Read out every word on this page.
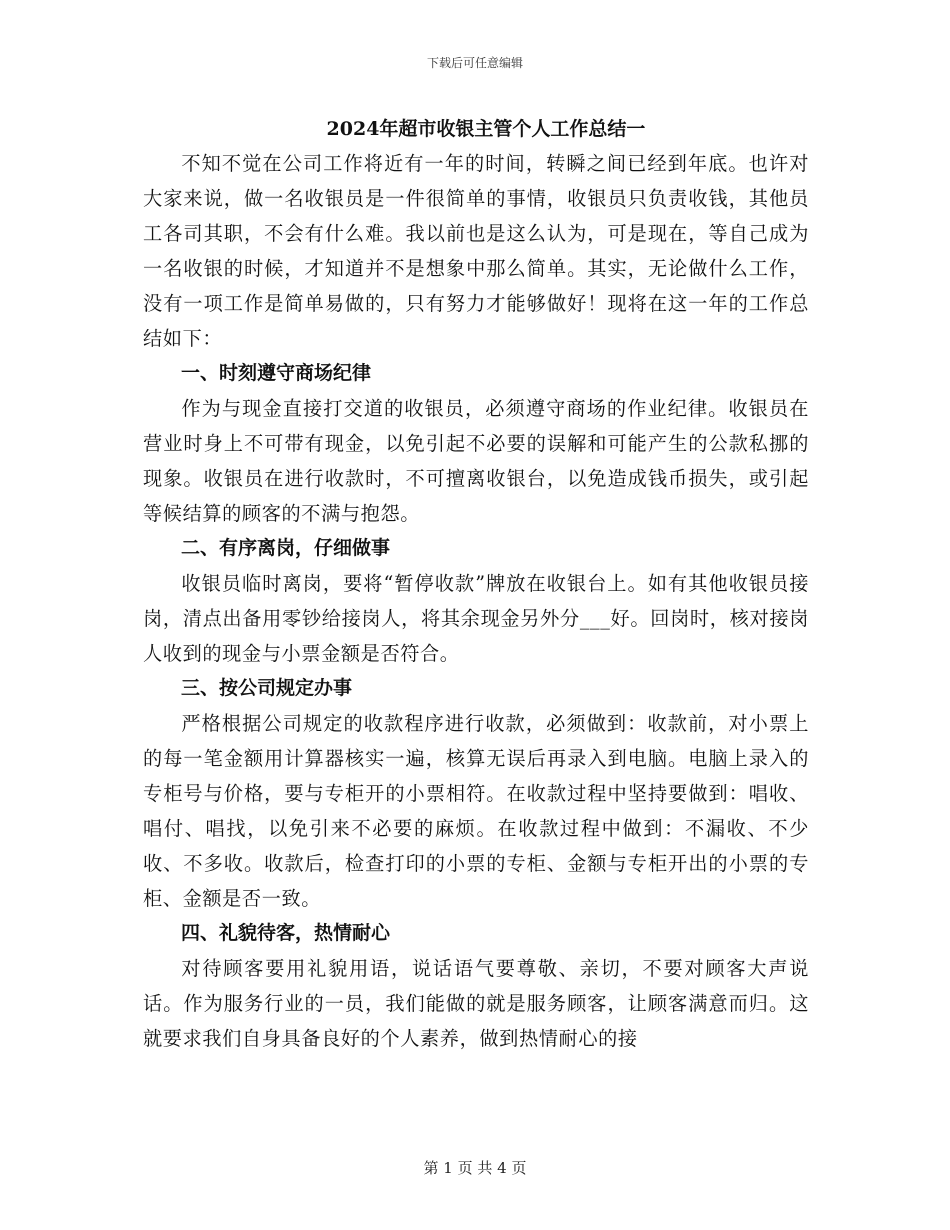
下载后可任意编辑
2024年超市收银主管个人工作总结一

不知不觉在公司工作将近有一年的时间，转瞬之间已经到年底。也许对大家来说，做一名收银员是一件很简单的事情，收银员只负责收钱，其他员工各司其职，不会有什么难。我以前也是这么认为，可是现在，等自己成为一名收银的时候，才知道并不是想象中那么简单。其实，无论做什么工作，没有一项工作是简单易做的，只有努力才能够做好！现将在这一年的工作总结如下：

一、时刻遵守商场纪律

作为与现金直接打交道的收银员，必须遵守商场的作业纪律。收银员在营业时身上不可带有现金，以免引起不必要的误解和可能产生的公款私挪的现象。收银员在进行收款时，不可擅离收银台，以免造成钱币损失，或引起等候结算的顾客的不满与抱怨。

二、有序离岗，仔细做事

收银员临时离岗，要将“暂停收款”牌放在收银台上。如有其他收银员接岗，清点出备用零钞给接岗人，将其余现金另外分___好。回岗时，核对接岗人收到的现金与小票金额是否符合。

三、按公司规定办事

严格根据公司规定的收款程序进行收款，必须做到：收款前，对小票上的每一笔金额用计算器核实一遍，核算无误后再录入到电脑。电脑上录入的专柜号与价格，要与专柜开的小票相符。在收款过程中坚持要做到：唱收、唱付、唱找，以免引来不必要的麻烦。在收款过程中做到：不漏收、不少收、不多收。收款后，检查打印的小票的专柜、金额与专柜开出的小票的专柜、金额是否一致。

四、礼貌待客，热情耐心

对待顾客要用礼貌用语，说话语气要尊敬、亲切，不要对顾客大声说话。作为服务行业的一员，我们能做的就是服务顾客，让顾客满意而归。这就要求我们自身具备良好的个人素养，做到热情耐心的接

第 1 页 共 4 页
